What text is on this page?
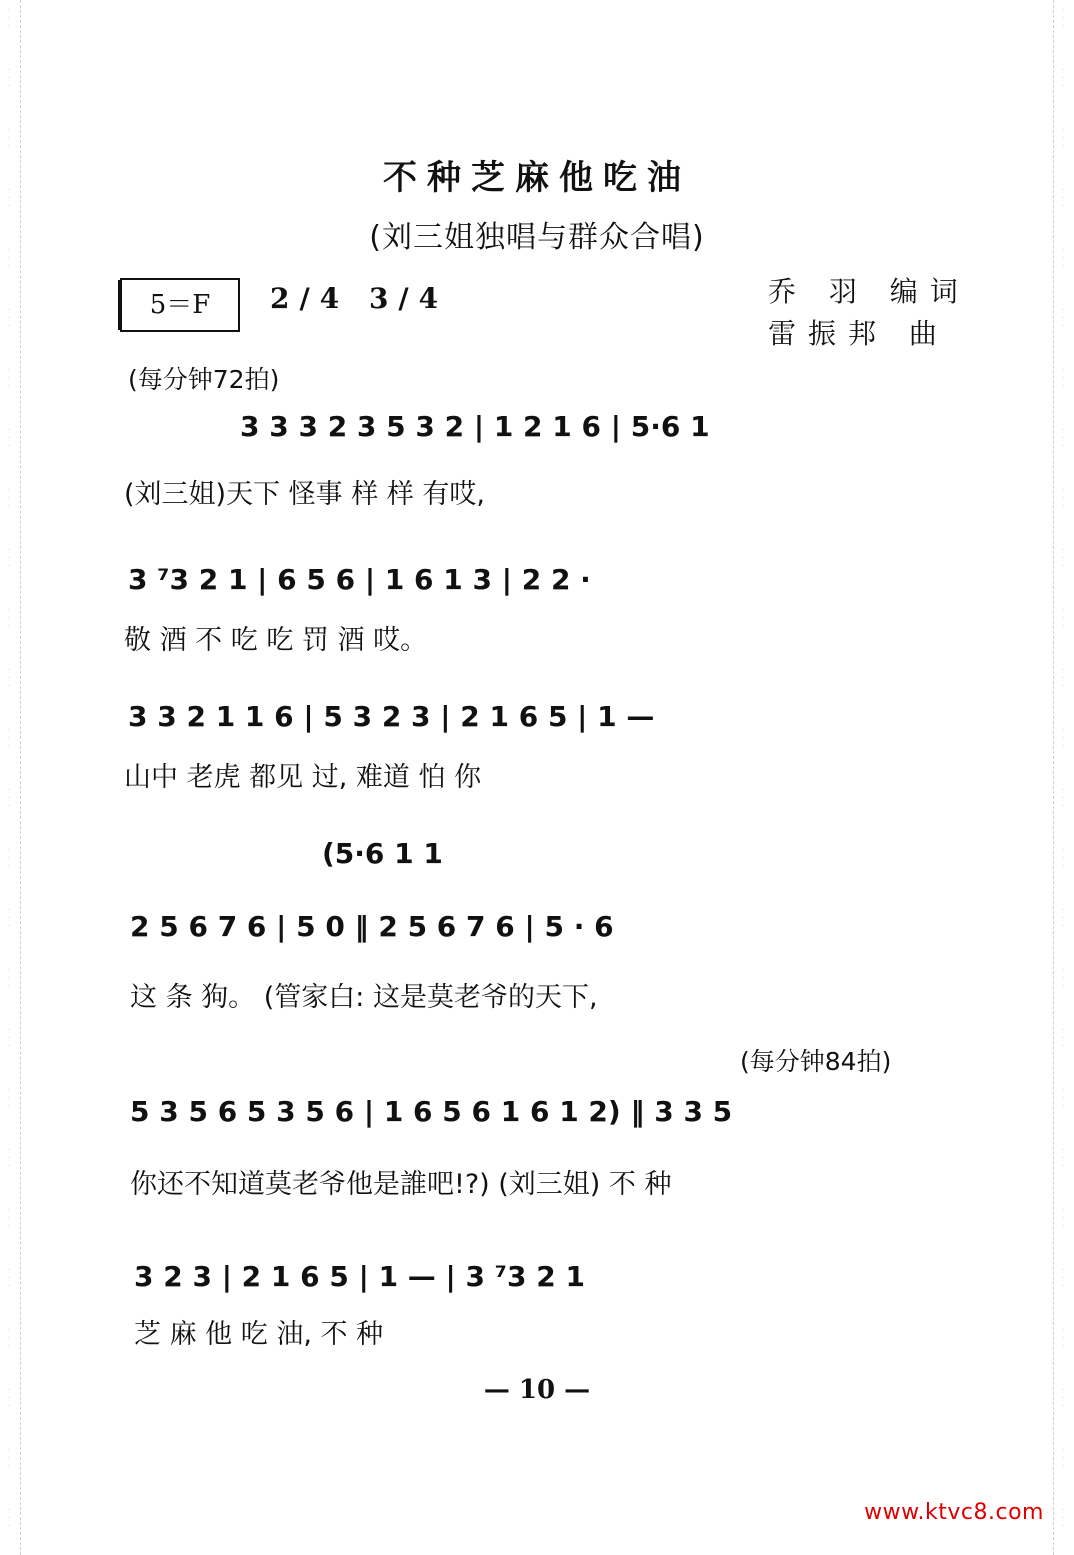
·
·
·
·
·
·
·
·
·
·
·
·
·
·
·
·
·
·
·
·
·
·
·
·
·
·
·
·
·
·
·
·
·
·
·
·
·
·
·
·
·
·
·
·
·
·
·
·
·
·
·
·
·
·
·
·
·
·
·
·
·
·
·
·
·
·
·
·
·
·
·
·
·
·
·
·
·
·
·
·
·
·
·
·
·
·
·
·
·
·
·
·
·
·
·
·
·
·
·
·
·
·
·
·
·
·
·
·
·
·
·
·
·
·
·
·
·
·
·
·
·
·
·
·
·
·
·
·
·
·
·
·
·
·
·
·
·
·
·
·
·
·
·
·
·
·
·
·
·
·
·
·
·
·
·
·
不种芝麻他吃油
(刘三姐独唱与群众合唱)
5＝F	2/4 3/4	乔 羽 编词
雷振邦 曲
(每分钟72拍)
3 3 3 2 3 5 3 2 | 1 2 1 6 | 5·6 1
(刘三姐)天下 怪事 样 样 有哎,
3 ⁷3 2 1 | 6 5 6 | 1 6 1 3 | 2 2 ·
敬 酒 不 吃 吃 罚 酒 哎。
3 3 2 1 1 6 | 5 3 2 3 | 2 1 6 5 | 1 —
山中 老虎 都见 过, 难道 怕 你
(5·6 1 1
2 5 6 7 6 | 5 0 ‖ 2 5 6 7 6 | 5 · 6
这 条 狗。 (管家白: 这是莫老爷的天下,
(每分钟84拍)
5 3 5 6 5 3 5 6 | 1 6 5 6 1 6 1 2) ‖ 3 3 5
你还不知道莫老爷他是誰吧!?) (刘三姐) 不 种
3 2 3 | 2 1 6 5 | 1 — | 3 ⁷3 2 1
芝 麻 他 吃 油, 不 种
— 10 —
www.ktvc8.com
